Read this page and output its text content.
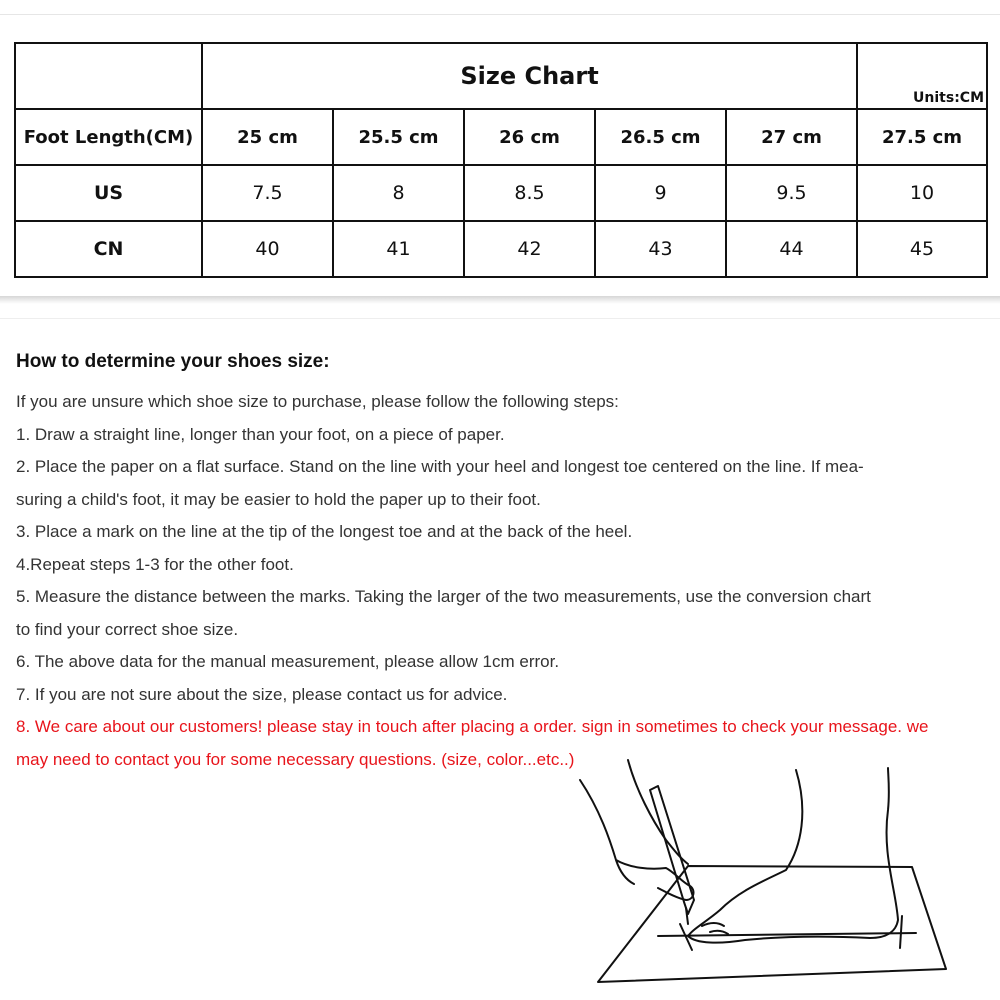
	Size Chart					Units:CM

Foot Length(CM)	25 cm	25.5 cm	26 cm	26.5 cm	27 cm	27.5 cm
US	7.5	8	8.5	9	9.5	10
CN	40	41	42	43	44	45

How to determine your shoes size:

If you are unsure which shoe size to purchase, please follow the following steps:

1. Draw a straight line, longer than your foot, on a piece of paper.

2. Place the paper on a flat surface. Stand on the line with your heel and longest toe centered on the line. If mea-

suring a child's foot, it may be easier to hold the paper up to their foot.

3. Place a mark on the line at the tip of the longest toe and at the back of the heel.

4.Repeat steps 1-3 for the other foot.

5. Measure the distance between the marks. Taking the larger of the two measurements, use the conversion chart

to find your correct shoe size.

6. The above data for the manual measurement, please allow 1cm error.

7. If you are not sure about the size, please contact us for advice.

8. We care about our customers! please stay in touch after placing a order. sign in sometimes to check your message. we

may need to contact you for some necessary questions. (size, color...etc..)
